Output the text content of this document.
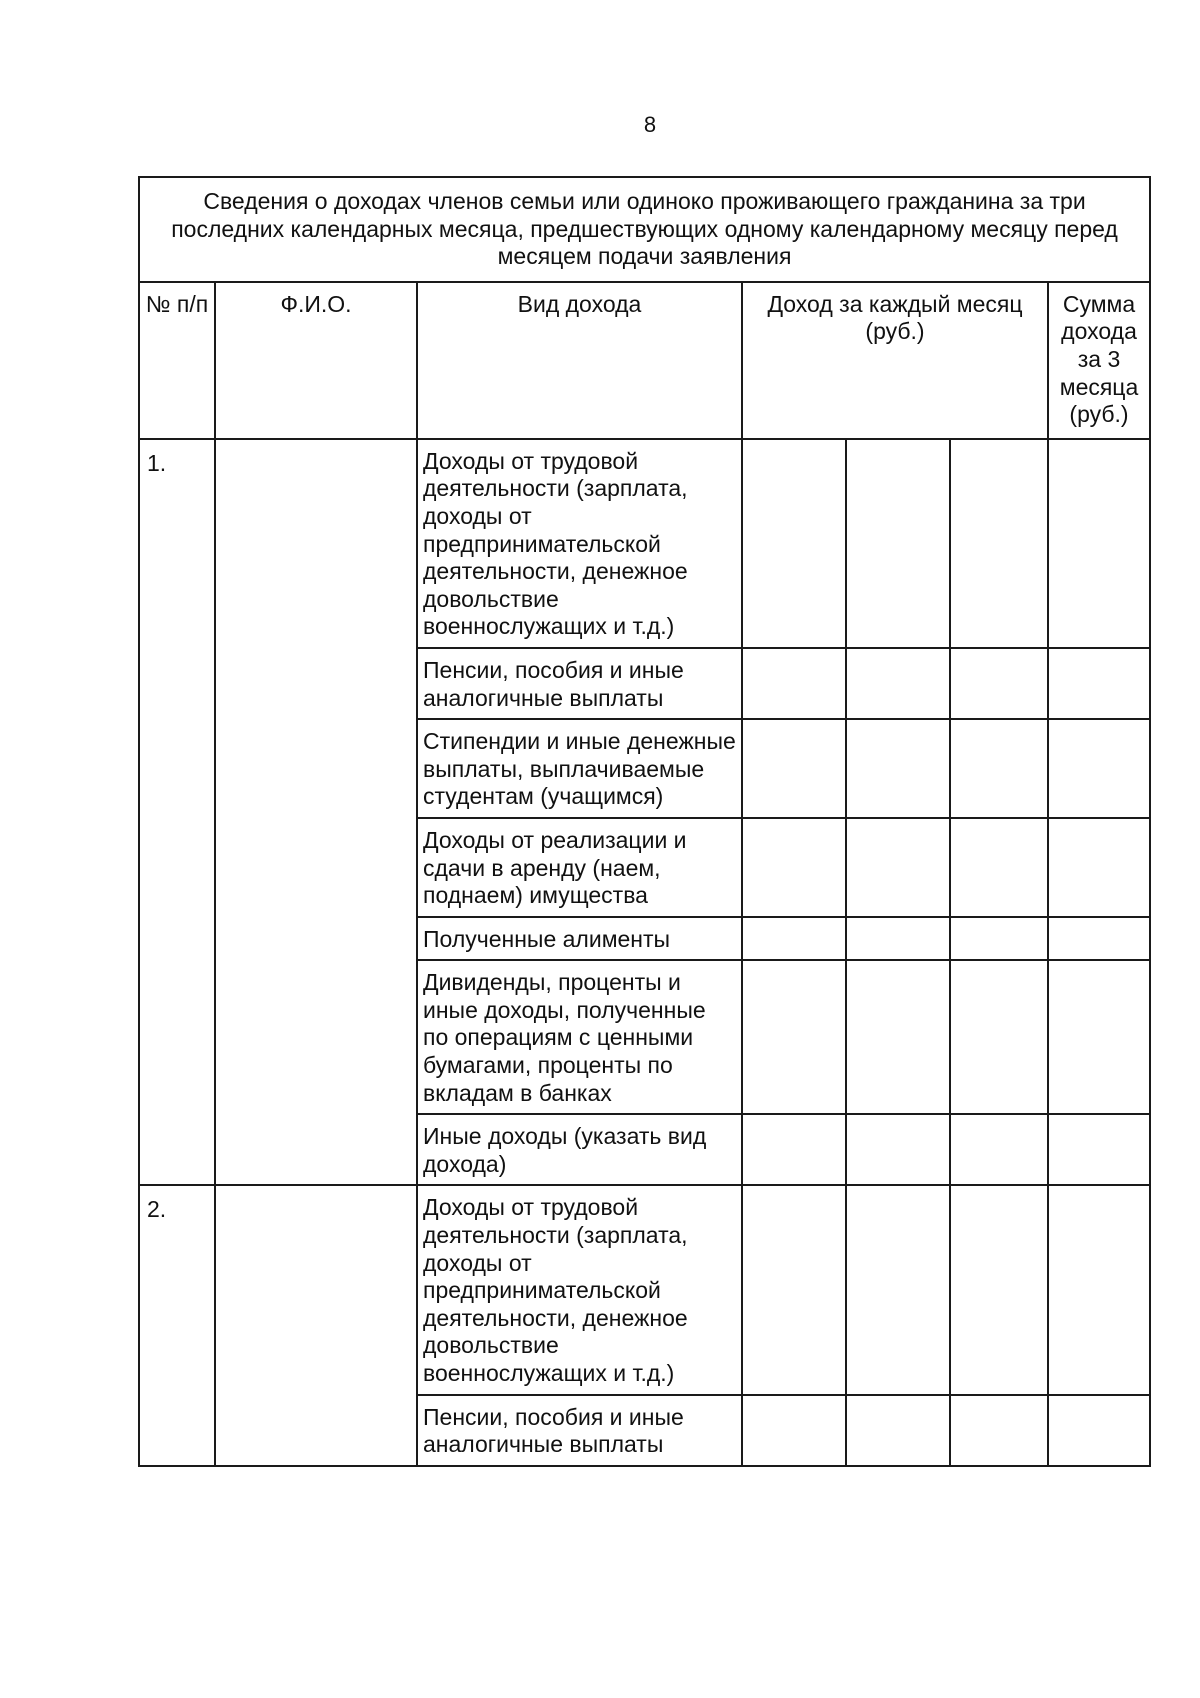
8
Сведения о доходах членов семьи или одиноко проживающего гражданина за три последних календарных месяца, предшествующих одному календарному месяцу перед месяцем подачи заявления						
№ п/п	Ф.И.О.	Вид дохода	Доход за каждый месяц (руб.)			Сумма дохода за 3 месяца (руб.)
1.		Доходы от трудовой деятельности (зарплата, доходы от предпринимательской деятельности, денежное довольствие военнослужащих и т.д.)				
		Пенсии, пособия и иные аналогичные выплаты				
		Стипендии и иные денежные выплаты, выплачиваемые студентам (учащимся)				
		Доходы от реализации и сдачи в аренду (наем, поднаем) имущества				
		Полученные алименты				
		Дивиденды, проценты и иные доходы, полученные по операциям с ценными бумагами, проценты по вкладам в банках				
		Иные доходы (указать вид дохода)				
2.		Доходы от трудовой деятельности (зарплата, доходы от предпринимательской деятельности, денежное довольствие военнослужащих и т.д.)				
		Пенсии, пособия и иные аналогичные выплаты				
